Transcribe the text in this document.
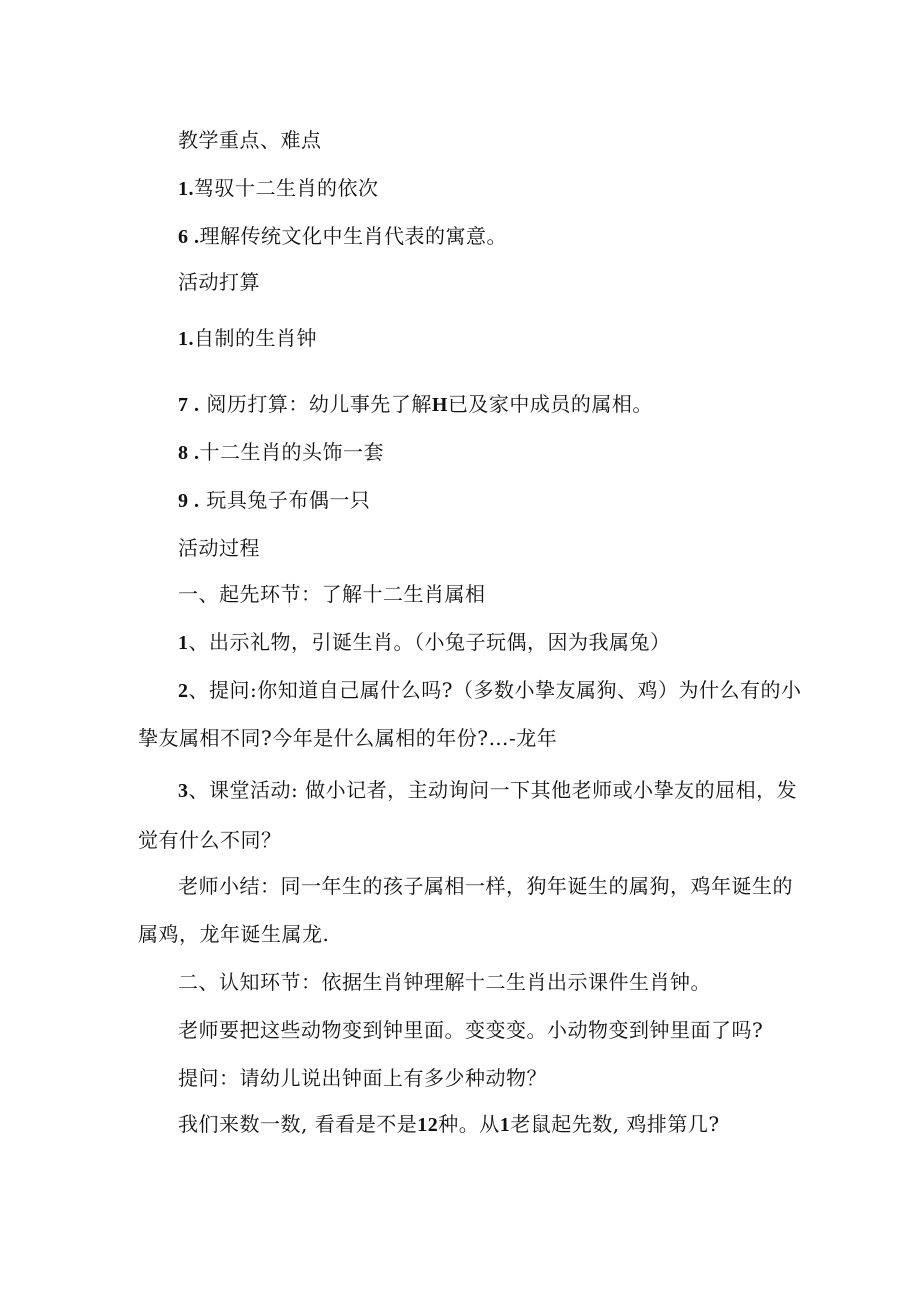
教学重点、难点
1.驾驭十二生肖的依次
6 .理解传统文化中生肖代表的寓意。
活动打算
1.自制的生肖钟
7 . 阅历打算：幼儿事先了解H已及家中成员的属相。
8 .十二生肖的头饰一套
9 . 玩具兔子布偶一只
活动过程
一、起先环节：了解十二生肖属相
1、出示礼物，引诞生肖。（小兔子玩偶，因为我属兔）
2、提问:你知道自己属什么吗?（多数小挚友属狗、鸡）为什么有的小
挚友属相不同?今年是什么属相的年份?…-龙年
3、课堂活动: 做小记者，主动询问一下其他老师或小挚友的屈相，发
觉有什么不同？
老师小结：同一年生的孩子属相一样，狗年诞生的属狗，鸡年诞生的
属鸡，龙年诞生属龙.
二、认知环节：依据生肖钟理解十二生肖出示课件生肖钟。
老师要把这些动物变到钟里面。变变变。小动物变到钟里面了吗?
提问：请幼儿说出钟面上有多少种动物？
我们来数一数, 看看是不是12种。从1老鼠起先数, 鸡排第几?
